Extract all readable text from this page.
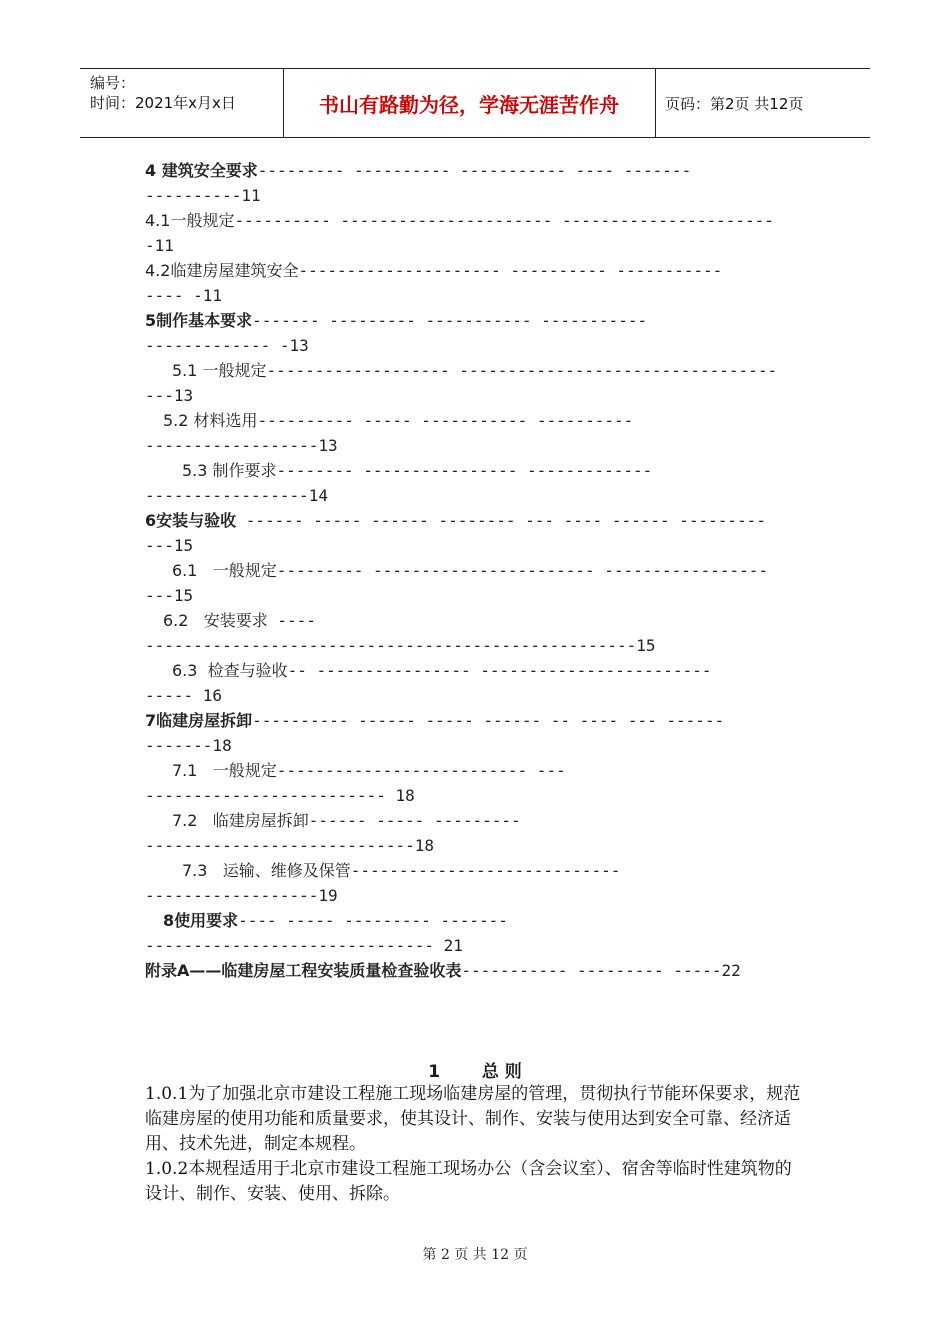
编号：
时间：2021年x月x日	书山有路勤为径，学海无涯苦作舟	页码：第2页 共12页
4 建筑安全要求--------- ---------- ----------- ---- -------
----------11
4.1一般规定---------- ---------------------- ----------------------
-11
4.2临建房屋建筑安全--------------------- ---------- -----------
---- -11
5制作基本要求------- --------- ----------- -----------
------------- -13
5.1 一般规定------------------- ---------------------------------
---13
5.2 材料选用---------- ----- ----------- ----------
------------------13
5.3 制作要求-------- ---------------- -------------
-----------------14
6安装与验收 ------ ----- ------ -------- --- ---- ------ ---------
---15
6.1   一般规定--------- ----------------------- -----------------
---15
6.2   安装要求 ----
---------------------------------------------------15
6.3  检查与验收-- ---------------- ------------------------
----- 16
7临建房屋拆卸---------- ------ ----- ------ -- ---- --- ------
-------18
7.1   一般规定-------------------------- ---
------------------------- 18
7.2   临建房屋拆卸------ ----- ---------
----------------------------18
7.3   运输、维修及保管----------------------------
------------------19
8使用要求---- ----- --------- -------
------------------------------ 21
附录A——临建房屋工程安装质量检查验收表----------- --------- -----22
1 总 则
1.0.1为了加强北京市建设工程施工现场临建房屋的管理，贯彻执行节能环保要求，规范临建房屋的使用功能和质量要求，使其设计、制作、安装与使用达到安全可靠、经济适用、技术先进，制定本规程。
1.0.2本规程适用于北京市建设工程施工现场办公（含会议室）、宿舍等临时性建筑物的设计、制作、安装、使用、拆除。
第 2 页 共 12 页
